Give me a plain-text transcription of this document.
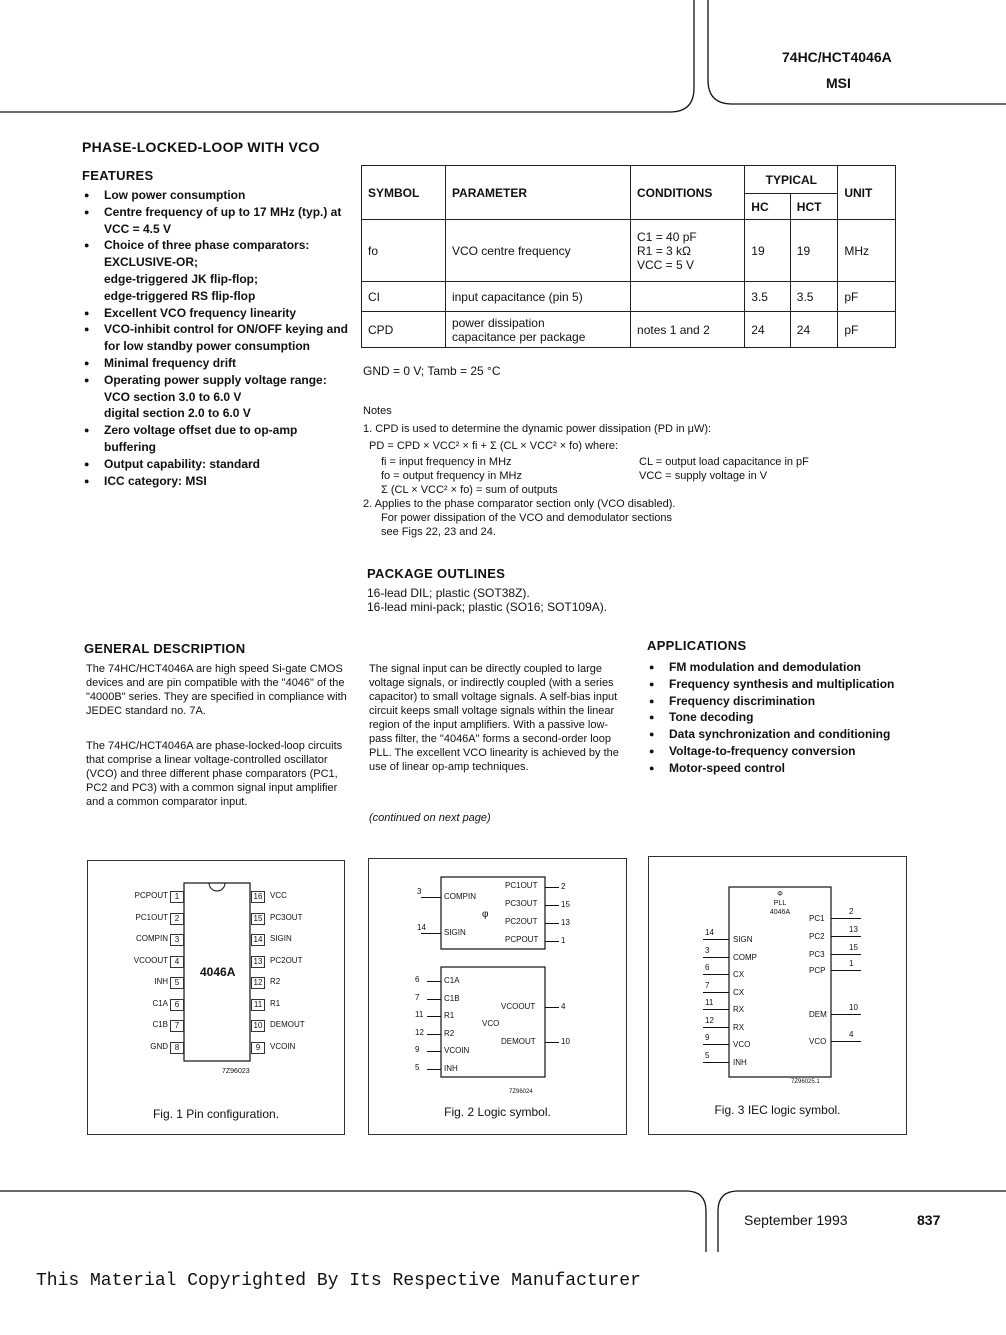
74HC/HCT4046A
MSI
PHASE-LOCKED-LOOP WITH VCO
FEATURES
● Low power consumption
● Centre frequency of up to 17 MHz (typ.) at VCC = 4.5 V
● Choice of three phase comparators:
EXCLUSIVE-OR;
edge-triggered JK flip-flop;
edge-triggered RS flip-flop
● Excellent VCO frequency linearity
● VCO-inhibit control for ON/OFF keying and for low standby power consumption
● Minimal frequency drift
● Operating power supply voltage range:
VCO section 3.0 to 6.0 V
digital section 2.0 to 6.0 V
● Zero voltage offset due to op-amp buffering
● Output capability: standard
● ICC category: MSI
SYMBOL	PARAMETER	CONDITIONS	TYPICAL		UNIT
			HC	HCT	
fo	VCO centre frequency	C1 = 40 pF
R1 = 3 kΩ
VCC = 5 V	19	19	MHz
CI	input capacitance (pin 5)		3.5	3.5	pF
CPD	power dissipation
capacitance per package	notes 1 and 2	24	24	pF
GND = 0 V; Tamb = 25 °C
Notes
1. CPD is used to determine the dynamic power dissipation (PD in μW):
PD = CPD × VCC² × fi + Σ (CL × VCC² × fo) where:
fi = input frequency in MHz	CL = output load capacitance in pF
fo = output frequency in MHz	VCC = supply voltage in V
Σ (CL × VCC² × fo) = sum of outputs
2. Applies to the phase comparator section only (VCO disabled).
For power dissipation of the VCO and demodulator sections
see Figs 22, 23 and 24.
PACKAGE OUTLINES
16-lead DIL; plastic (SOT38Z).
16-lead mini-pack; plastic (SO16; SOT109A).
GENERAL DESCRIPTION
The 74HC/HCT4046A are high speed Si-gate CMOS devices and are pin compatible with the "4046" of the "4000B" series. They are specified in compliance with JEDEC standard no. 7A.
The 74HC/HCT4046A are phase-locked-loop circuits that comprise a linear voltage-controlled oscillator (VCO) and three different phase comparators (PC1, PC2 and PC3) with a common signal input amplifier and a common comparator input.
The signal input can be directly coupled to large voltage signals, or indirectly coupled (with a series capacitor) to small voltage signals. A self-bias input circuit keeps small voltage signals within the linear region of the input amplifiers. With a passive low-pass filter, the "4046A" forms a second-order loop PLL. The excellent VCO linearity is achieved by the use of linear op-amp techniques.
(continued on next page)
APPLICATIONS
● FM modulation and demodulation
● Frequency synthesis and multiplication
● Frequency discrimination
● Tone decoding
● Data synchronization and conditioning
● Voltage-to-frequency conversion
● Motor-speed control
4046A
PCPOUT 1
PC1OUT 2
COMPIN 3
VCOOUT 4
INH 5
C1A 6
C1B 7
GND 8
16 VCC
15 PC3OUT
14 SIGIN
13 PC2OUT
12 R2
11 R1
10 DEMOUT
9	VCOIN
7Z96023
Fig. 1 Pin configuration.
3
COMPIN
14
SIGIN
PC1OUT	2
PC3OUT	15
PC2OUT	13
PCPOUT	1
6	C1A
7	C1B
11	R1
12	R2
9	VCOIN
5	INH
VCOOUT	4
DEMOUT	10
φ
VCO
7Z96024
Fig. 2 Logic symbol.
Φ
PLL
4046A
14
SIGN
3
COMP
6
CX
7
CX
11
RX
12
RX
9
VCO
5
INH
PC1
2
PC2
13
PC3
15
PCP
1
DEM
10
VCO
4
7Z96025.1
Fig. 3 IEC logic symbol.
September 1993	837
This Material Copyrighted By Its Respective Manufacturer
